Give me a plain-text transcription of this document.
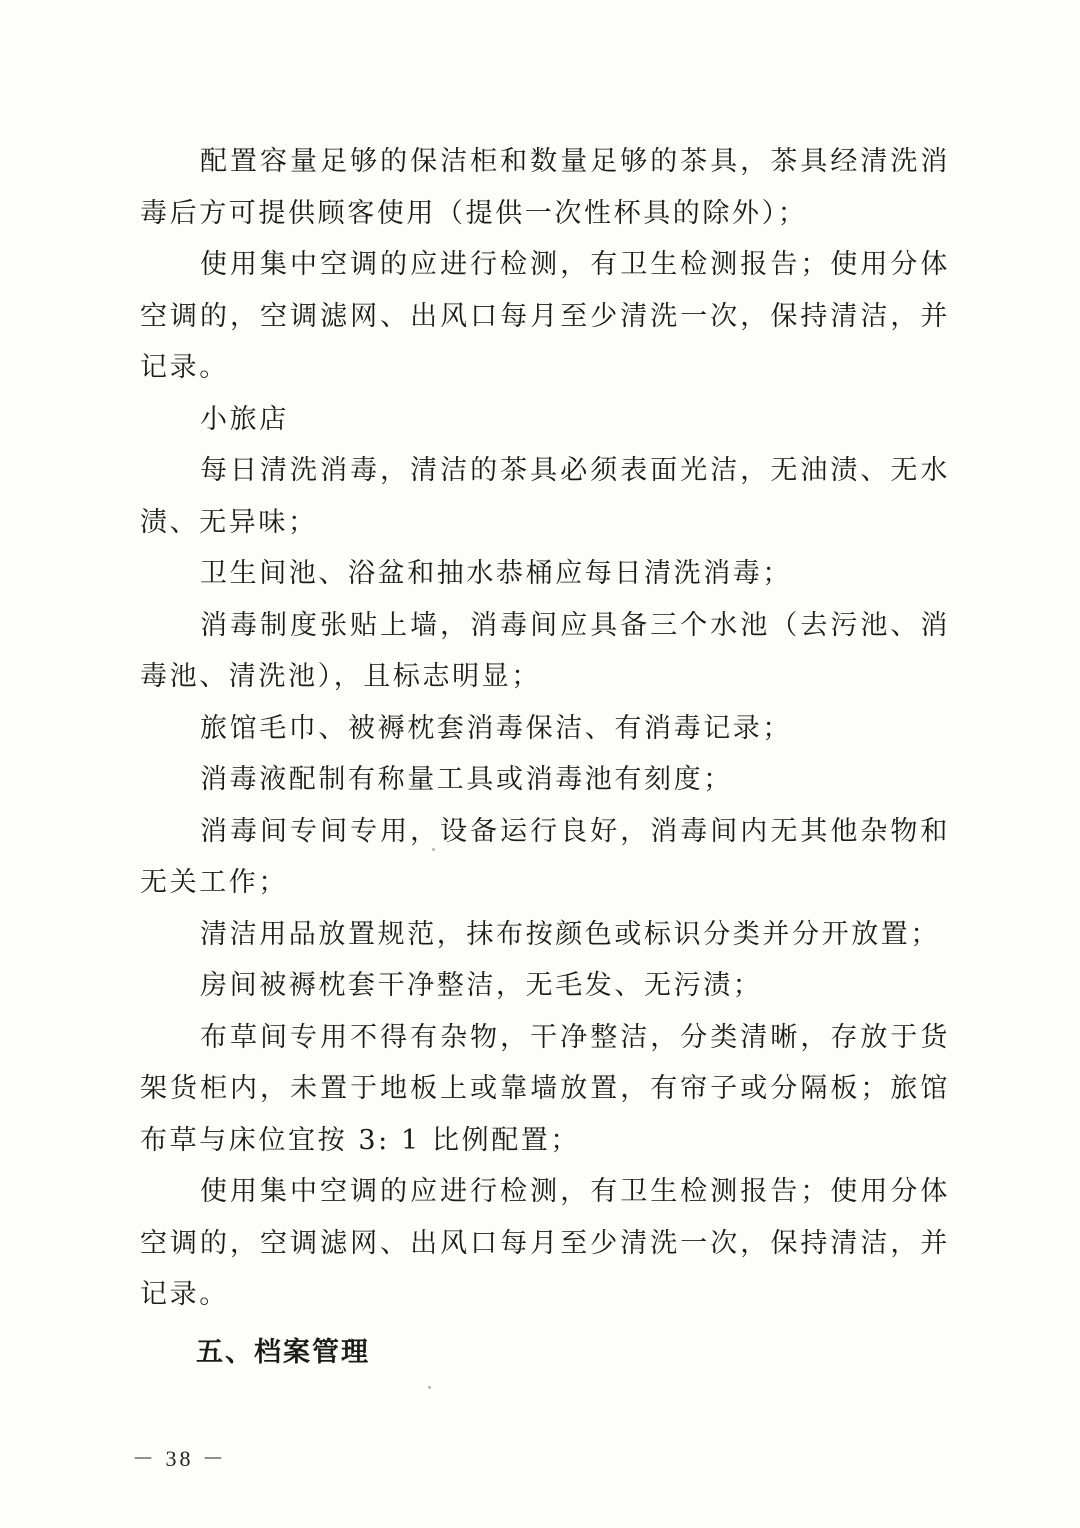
配置容量足够的保洁柜和数量足够的茶具，茶具经清洗消毒后方可提供顾客使用（提供一次性杯具的除外）；

使用集中空调的应进行检测，有卫生检测报告；使用分体空调的，空调滤网、出风口每月至少清洗一次，保持清洁，并记录。

小旅店

每日清洗消毒，清洁的茶具必须表面光洁，无油渍、无水渍、无异味；

卫生间池、浴盆和抽水恭桶应每日清洗消毒；

消毒制度张贴上墙，消毒间应具备三个水池（去污池、消毒池、清洗池），且标志明显；

旅馆毛巾、被褥枕套消毒保洁、有消毒记录；

消毒液配制有称量工具或消毒池有刻度；

消毒间专间专用，设备运行良好，消毒间内无其他杂物和无关工作；

清洁用品放置规范，抹布按颜色或标识分类并分开放置；

房间被褥枕套干净整洁，无毛发、无污渍；

布草间专用不得有杂物，干净整洁，分类清晰，存放于货架货柜内，未置于地板上或靠墙放置，有帘子或分隔板；旅馆布草与床位宜按 3: 1 比例配置；

使用集中空调的应进行检测，有卫生检测报告；使用分体空调的，空调滤网、出风口每月至少清洗一次，保持清洁，并记录。

五、档案管理

－ 38 －
